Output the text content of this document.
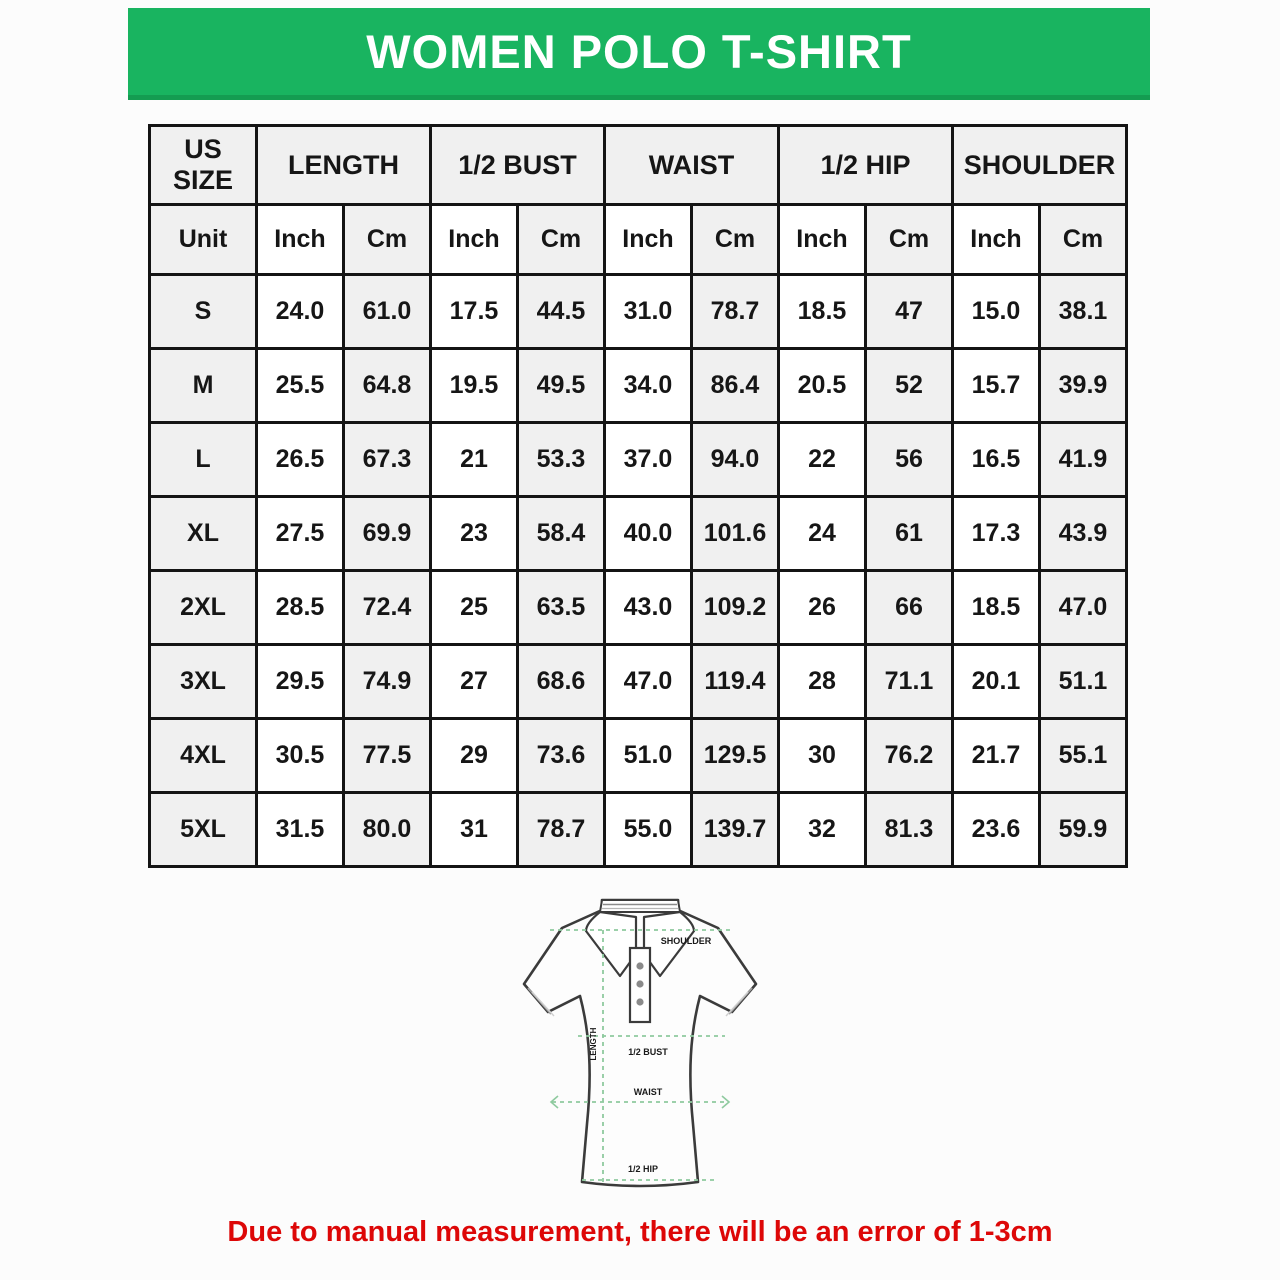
WOMEN POLO T-SHIRT
US SIZE	LENGTH		1/2 BUST		WAIST		1/2 HIP		SHOULDER	
Unit	Inch	Cm	Inch	Cm	Inch	Cm	Inch	Cm	Inch	Cm
S	24.0	61.0	17.5	44.5	31.0	78.7	18.5	47	15.0	38.1
M	25.5	64.8	19.5	49.5	34.0	86.4	20.5	52	15.7	39.9
L	26.5	67.3	21	53.3	37.0	94.0	22	56	16.5	41.9
XL	27.5	69.9	23	58.4	40.0	101.6	24	61	17.3	43.9
2XL	28.5	72.4	25	63.5	43.0	109.2	26	66	18.5	47.0
3XL	29.5	74.9	27	68.6	47.0	119.4	28	71.1	20.1	51.1
4XL	30.5	77.5	29	73.6	51.0	129.5	30	76.2	21.7	55.1
5XL	31.5	80.0	31	78.7	55.0	139.7	32	81.3	23.6	59.9
SHOULDER
LENGTH	1/2 BUST
WAIST
1/2 HIP
Due to manual measurement, there will be an error of 1-3cm
